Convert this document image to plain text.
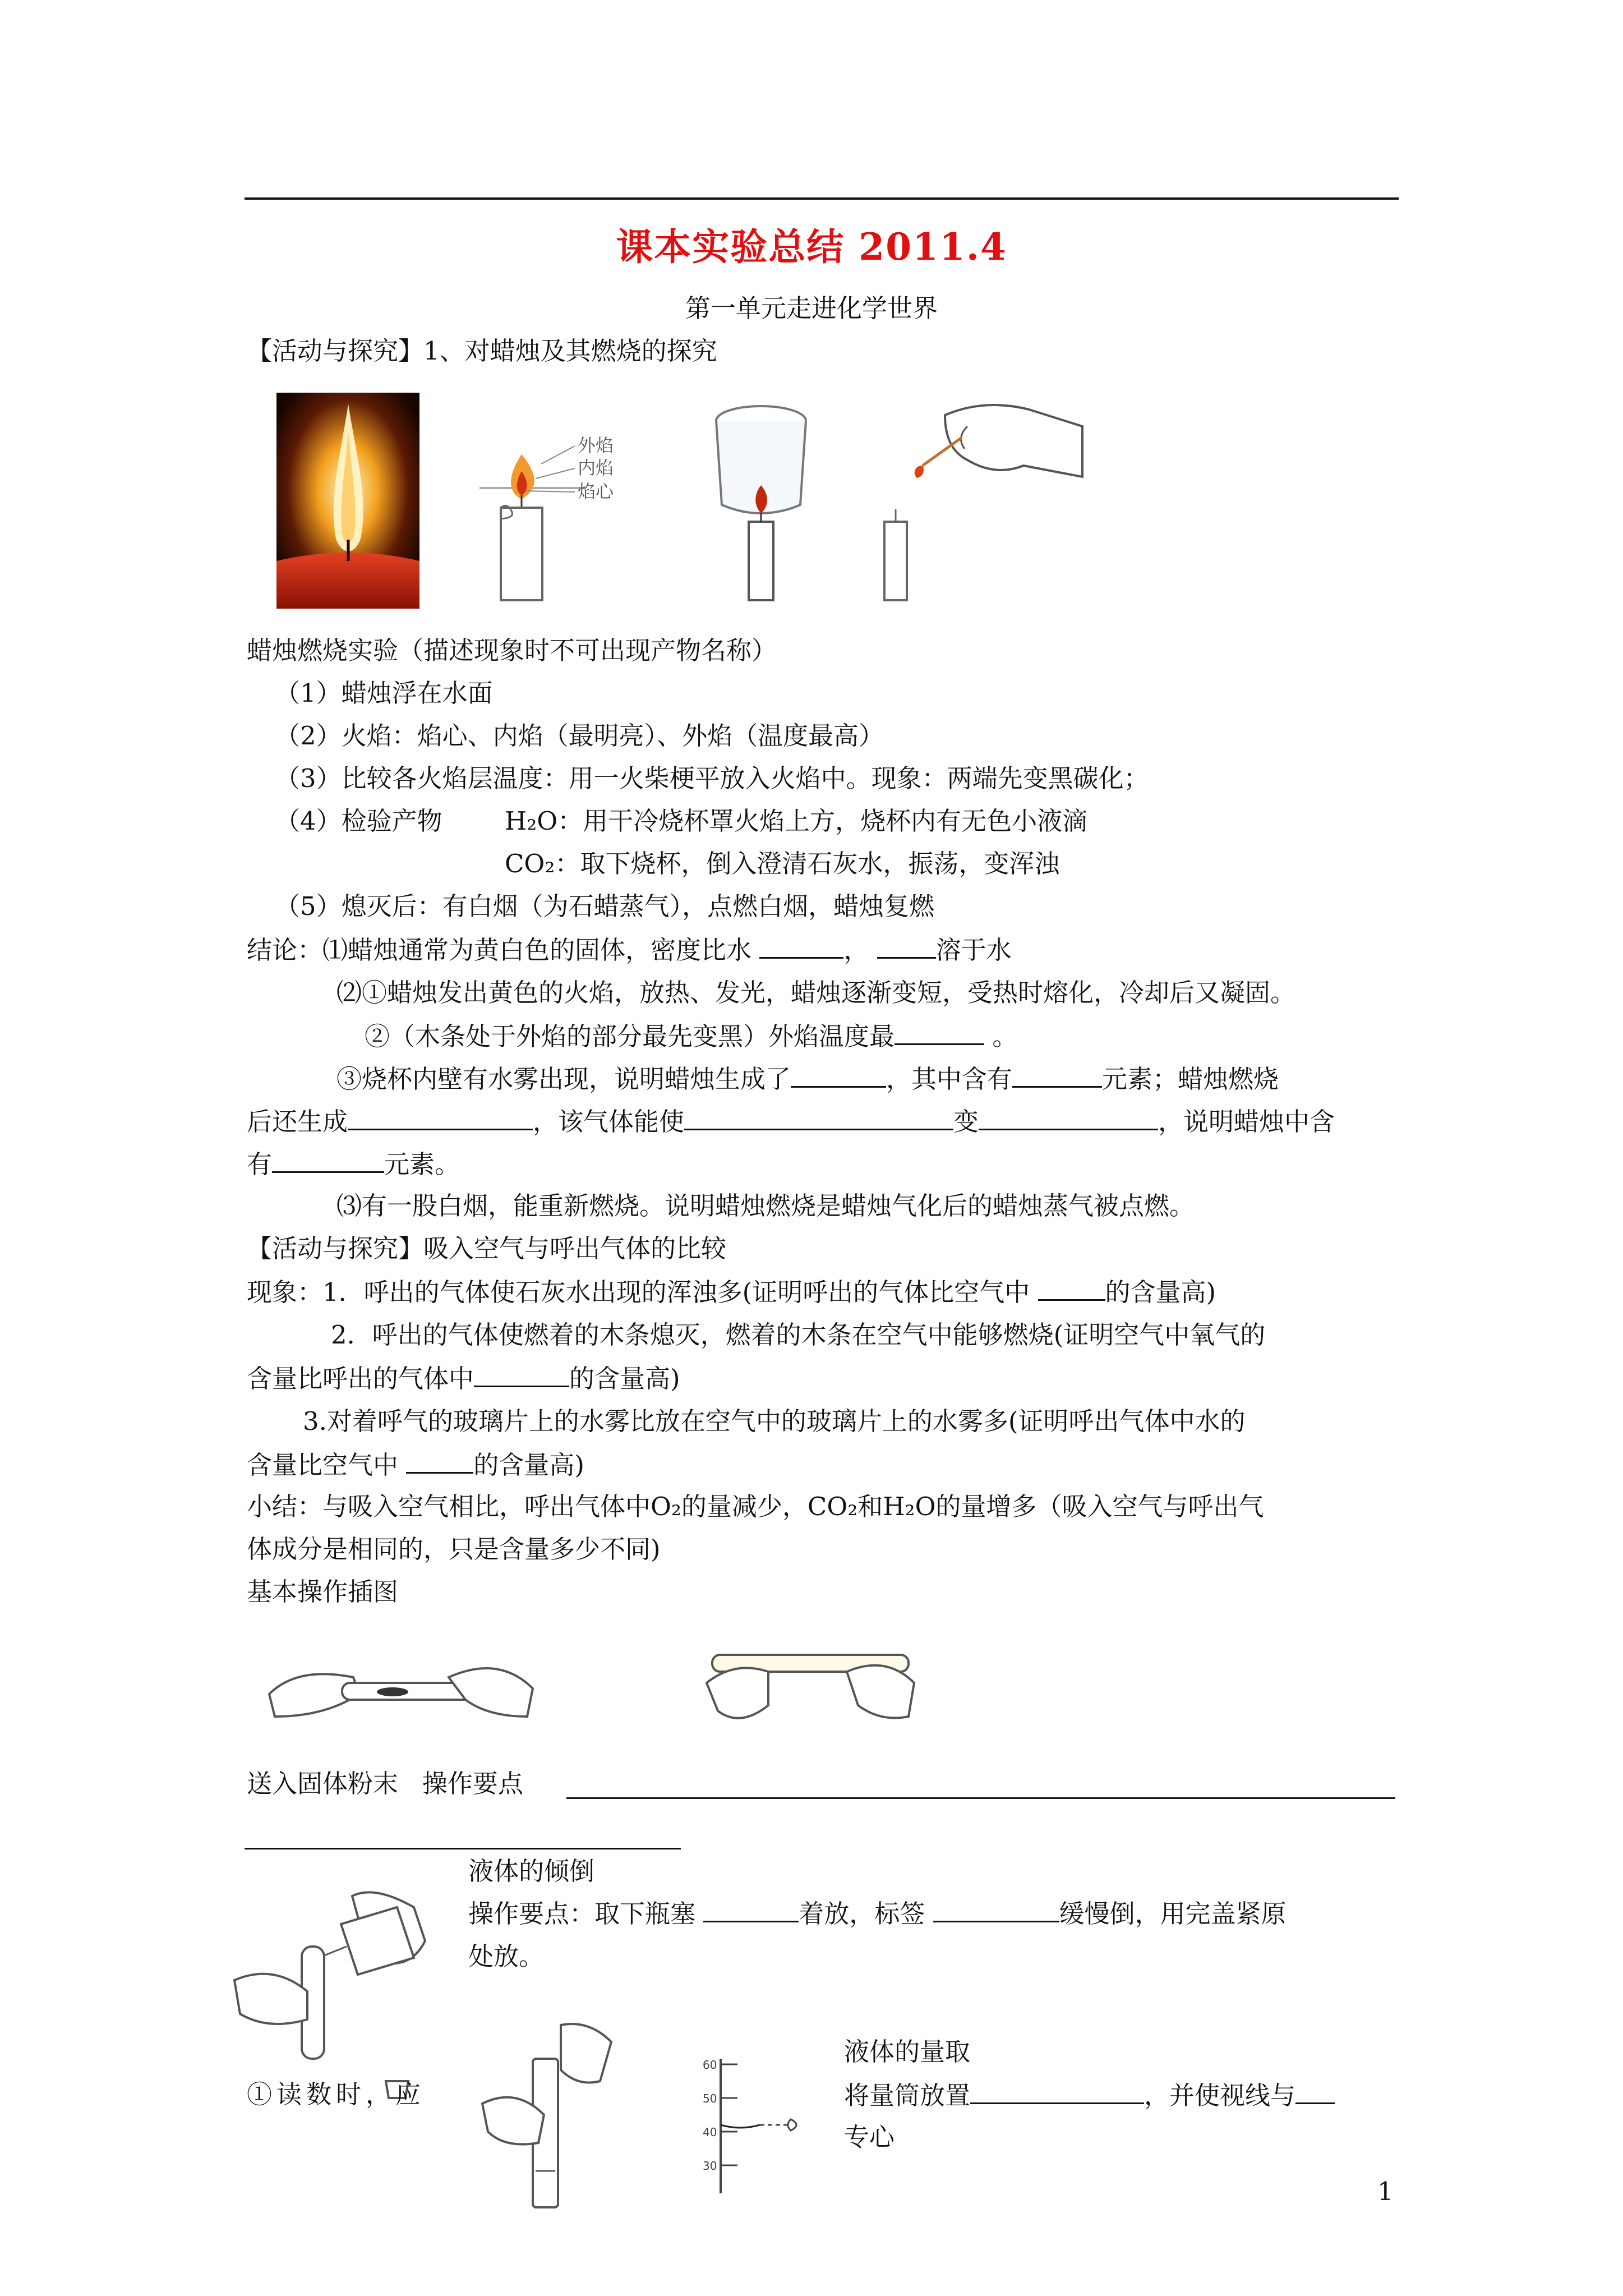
课本实验总结 2011.4
第一单元走进化学世界
【活动与探究】1、对蜡烛及其燃烧的探究
外焰
内焰
焰心
蜡烛燃烧实验（描述现象时不可出现产物名称）
（1）蜡烛浮在水面
（2）火焰：焰心、内焰（最明亮）、外焰（温度最高）
（3）比较各火焰层温度：用一火柴梗平放入火焰中。现象：两端先变黑碳化；
（4）检验产物 H₂O：用干冷烧杯罩火焰上方，烧杯内有无色小液滴
CO₂：取下烧杯，倒入澄清石灰水，振荡，变浑浊
（5）熄灭后：有白烟（为石蜡蒸气），点燃白烟，蜡烛复燃
结论：⑴蜡烛通常为黄白色的固体，密度比水	，	溶于水
⑵①蜡烛发出黄色的火焰，放热、发光，蜡烛逐渐变短，受热时熔化，冷却后又凝固。
②（木条处于外焰的部分最先变黑）外焰温度最	。
③烧杯内壁有水雾出现，说明蜡烛生成了	，其中含有	元素；蜡烛燃烧
后还生成	，该气体能使	变	，说明蜡烛中含
有	元素。
⑶有一股白烟，能重新燃烧。说明蜡烛燃烧是蜡烛气化后的蜡烛蒸气被点燃。
【活动与探究】吸入空气与呼出气体的比较
现象：1．呼出的气体使石灰水出现的浑浊多(证明呼出的气体比空气中	的含量高)
2．呼出的气体使燃着的木条熄灭，燃着的木条在空气中能够燃烧(证明空气中氧气的
含量比呼出的气体中	的含量高)
3.对着呼气的玻璃片上的水雾比放在空气中的玻璃片上的水雾多(证明呼出气体中水的
含量比空气中	的含量高)
小结：与吸入空气相比，呼出气体中O₂的量减少，CO₂和H₂O的量增多（吸入空气与呼出气
体成分是相同的，只是含量多少不同)
基本操作插图
送入固体粉末   操作要点
液体的倾倒
操作要点：取下瓶塞	着放，标签	缓慢倒，用完盖紧原
处放。
60
50
40
30
液体的量取
将量筒放置	，并使视线与
专心
①读数时，应
1
